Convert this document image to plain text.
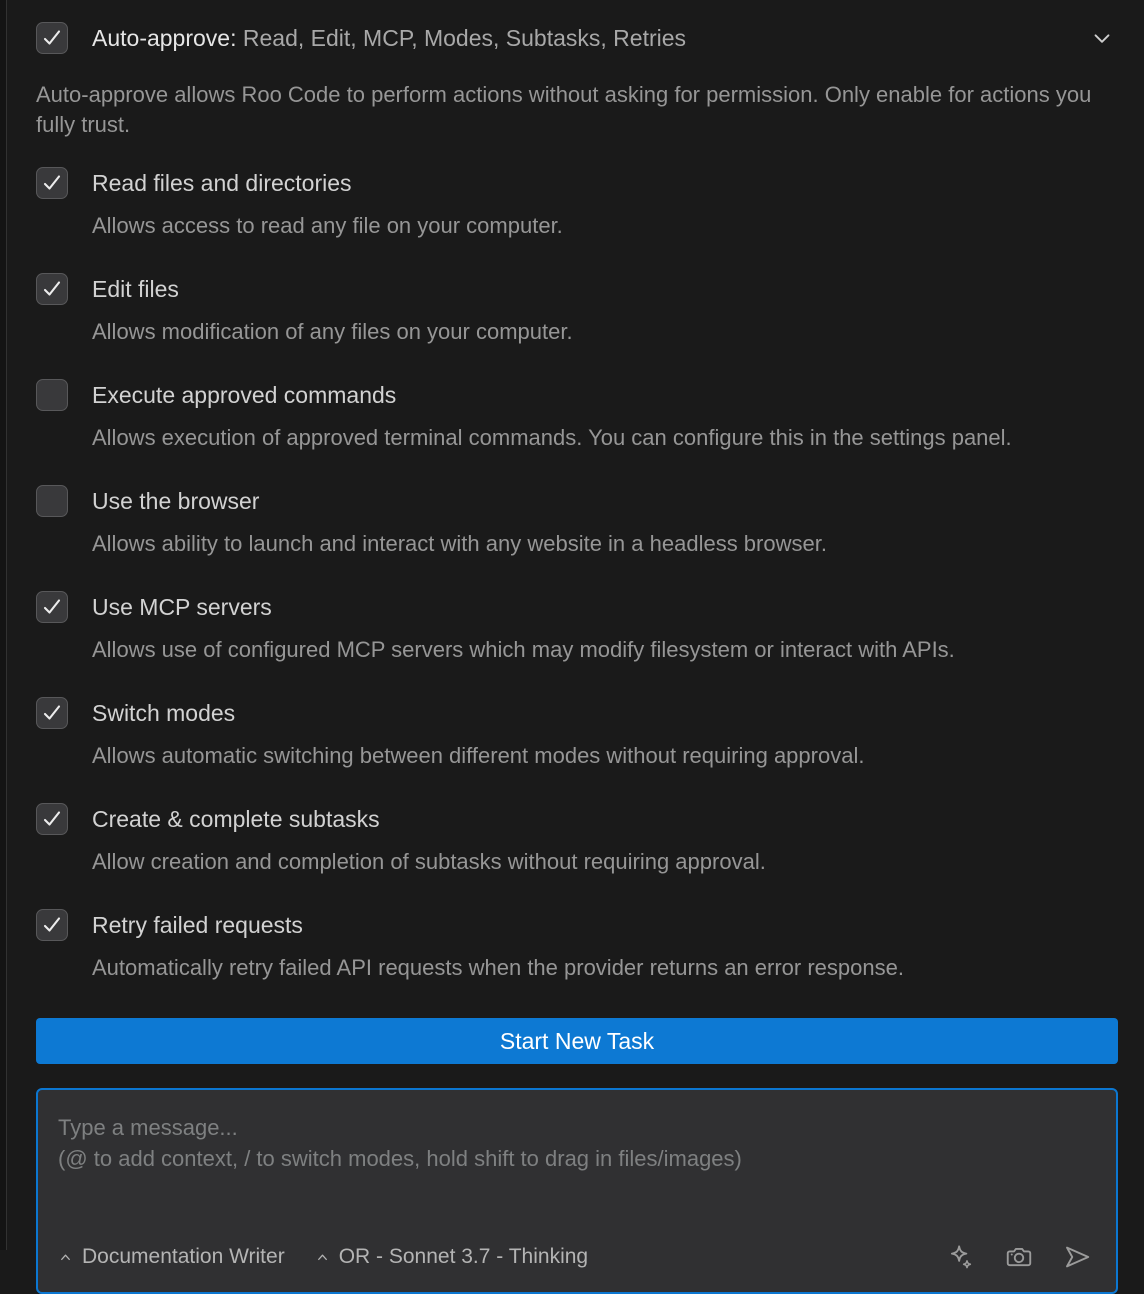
Auto-approve: Read, Edit, MCP, Modes, Subtasks, Retries
Auto-approve allows Roo Code to perform actions without asking for permission. Only enable for actions you fully trust.
Read files and directories
Allows access to read any file on your computer.
Edit files
Allows modification of any files on your computer.
Execute approved commands
Allows execution of approved terminal commands. You can configure this in the settings panel.
Use the browser
Allows ability to launch and interact with any website in a headless browser.
Use MCP servers
Allows use of configured MCP servers which may modify filesystem or interact with APIs.
Switch modes
Allows automatic switching between different modes without requiring approval.
Create & complete subtasks
Allow creation and completion of subtasks without requiring approval.
Retry failed requests
Automatically retry failed API requests when the provider returns an error response.
Start New Task
Type a message...
(@ to add context, / to switch modes, hold shift to drag in files/images)
Documentation Writer	OR - Sonnet 3.7 - Thinking
